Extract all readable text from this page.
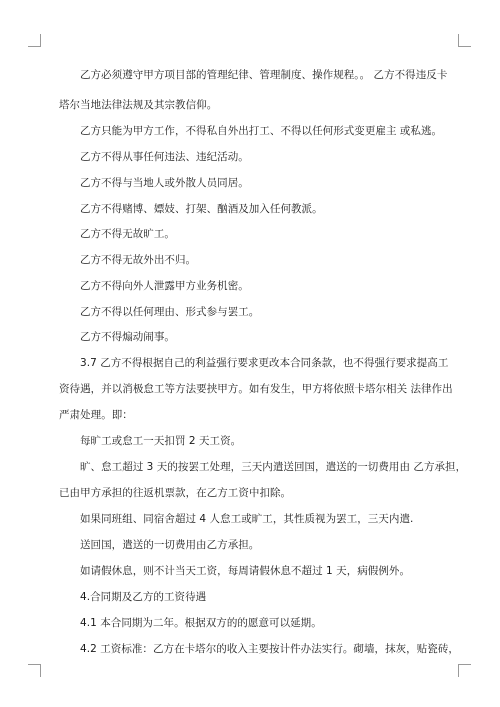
乙方必须遵守甲方项目部的管理纪律、管理制度、操作规程。。 乙方不得违反卡
塔尔当地法律法规及其宗教信仰。
乙方只能为甲方工作，不得私自外出打工、不得以任何形式变更雇主 或私逃。
乙方不得从事任何违法、违纪活动。
乙方不得与当地人或外散人员同居。
乙方不得赌博、嫖妓、打架、酗酒及加入任何教派。
乙方不得无故旷工。
乙方不得无故外出不归。
乙方不得向外人泄露甲方业务机密。
乙方不得以任何理由、形式参与罢工。
乙方不得煽动闹事。
3.7 乙方不得根据自己的利益强行要求更改本合同条款，也不得强行要求提高工
资待遇，并以消极怠工等方法要挟甲方。如有发生，甲方将依照卡塔尔相关 法律作出
严肃处理。即：
每旷工或怠工一天扣罚 2 天工资。
旷、怠工超过 3 天的按罢工处理，三天内遣送回国，遣送的一切费用由 乙方承担，
已由甲方承担的往返机票款，在乙方工资中扣除。
如果同班组、同宿舍超过 4 人怠工或旷工，其性质视为罢工，三天内遣.
送回国，遣送的一切费用由乙方承担。
如请假休息，则不计当天工资，每周请假休息不超过 1 天，病假例外。
4.合同期及乙方的工资待遇
4.1 本合同期为二年。根据双方的的愿意可以延期。
4.2 工资标准：乙方在卡塔尔的收入主要按计件办法实行。砌墙，抹灰，贴瓷砖，
